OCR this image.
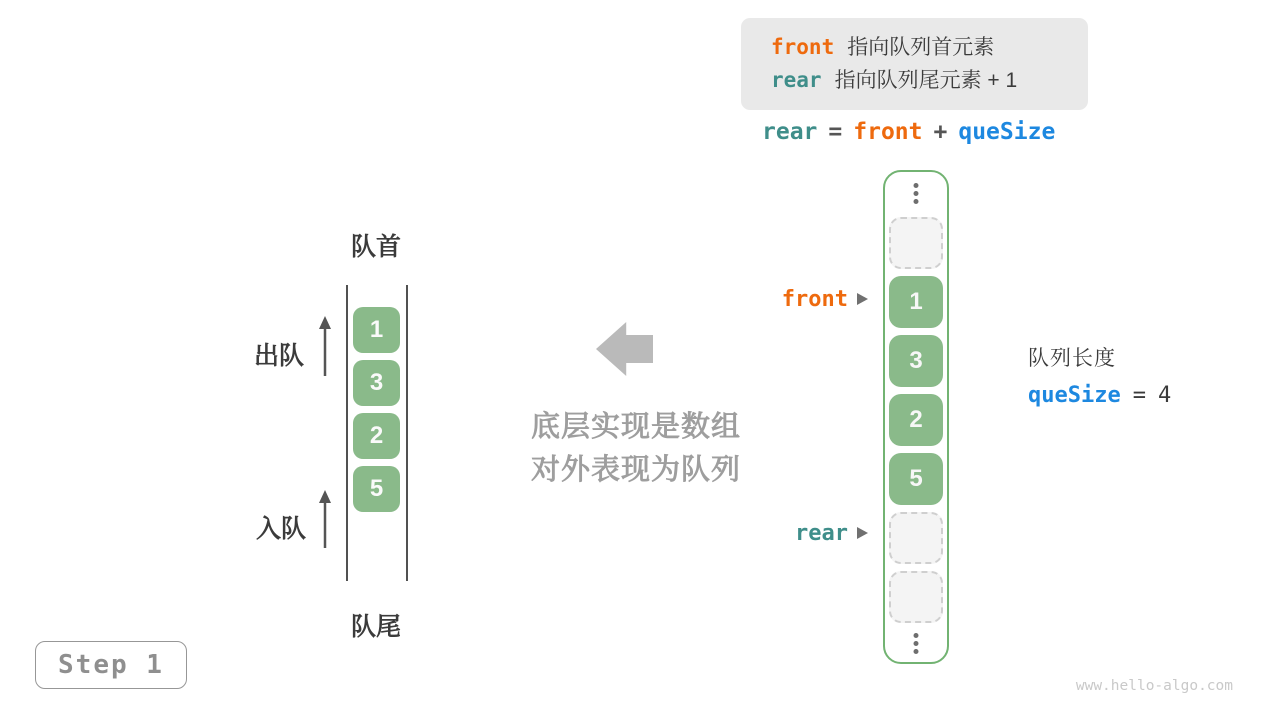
front 指向队列首元素
rear 指向队列尾元素 + 1
rear = front + queSize
1
3
2
5
front
rear
队列长度
queSize = 4
队首
1
3
2
5
出队
入队
队尾
底层实现是数组
对外表现为队列
Step 1
www.hello-algo.com
